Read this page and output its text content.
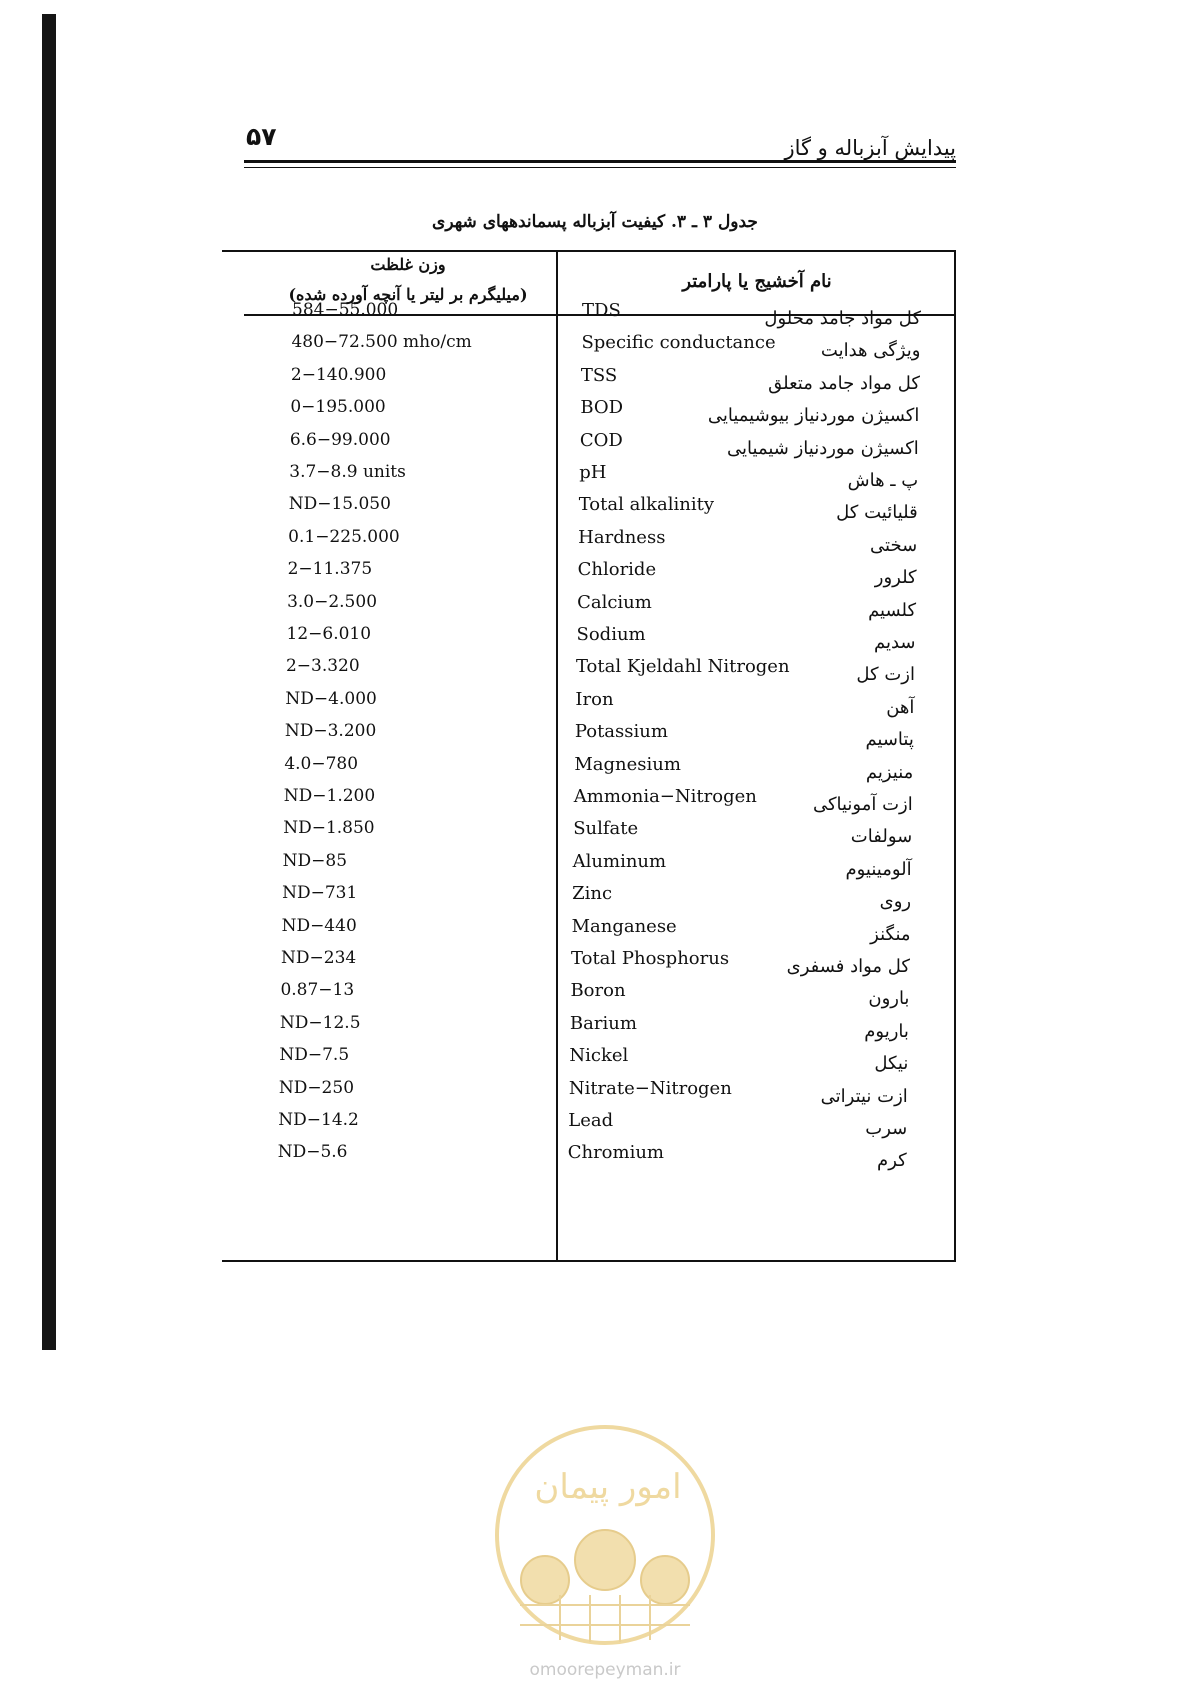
۵۷	پیدایش آبزباله و گاز
جدول ۳ ـ ۳. کیفیت آبزباله پسماندههای شهری
وزن غلظت
(میلیگرم بر لیتر یا آنچه آورده شده)
نام آخشیج یا پارامتر
584−55.000	TDS	کل مواد جامد محلول
480−72.500 mho/cm	Specific conductance	ویژگی هدایت
2−140.900	TSS	کل مواد جامد متعلق
0−195.000	BOD	اکسیژن موردنیاز بیوشیمیایی
6.6−99.000	COD	اکسیژن موردنیاز شیمیایی
3.7−8.9 units	pH	پ ـ هاش
ND−15.050	Total alkalinity	قلیائیت کل
0.1−225.000	Hardness	سختی
2−11.375	Chloride	کلرور
3.0−2.500	Calcium	کلسیم
12−6.010	Sodium	سدیم
2−3.320	Total Kjeldahl Nitrogen	ازت کل
ND−4.000	Iron	آهن
ND−3.200	Potassium	پتاسیم
4.0−780	Magnesium	منیزیم
ND−1.200	Ammonia−Nitrogen	ازت آمونیاکی
ND−1.850	Sulfate	سولفات
ND−85	Aluminum	آلومینیوم
ND−731	Zinc	روی
ND−440	Manganese	منگنز
ND−234	Total Phosphorus	کل مواد فسفری
0.87−13	Boron	بارون
ND−12.5	Barium	باریوم
ND−7.5	Nickel	نیکل
ND−250	Nitrate−Nitrogen	ازت نیتراتی
ND−14.2	Lead	سرب
ND−5.6	Chromium	کرم
امور پیمان
omoorepeyman.ir
